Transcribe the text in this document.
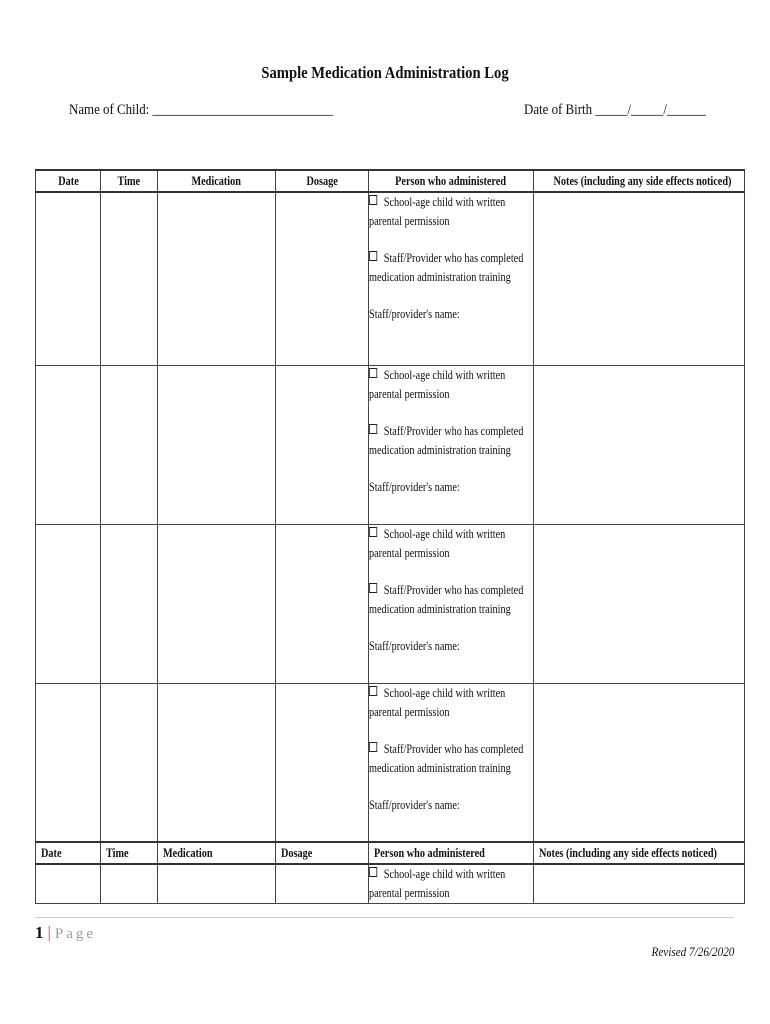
Sample Medication Administration Log
Name of Child: ____________________________	Date of Birth _____/_____/______
Date	Time	Medication	Dosage	Person who administered	Notes (including any side effects noticed)

				School-age child with written
parental permission
Staff/Provider who has completed
medication administration training
Staff/provider's name:	

				School-age child with written
parental permission
Staff/Provider who has completed
medication administration training
Staff/provider's name:	

				School-age child with written
parental permission
Staff/Provider who has completed
medication administration training
Staff/provider's name:	

				School-age child with written
parental permission
Staff/Provider who has completed
medication administration training
Staff/provider's name:	

Date	Time	Medication	Dosage	Person who administered	Notes (including any side effects noticed)

				School-age child with written
parental permission	

1 | Page
Revised 7/26/2020
